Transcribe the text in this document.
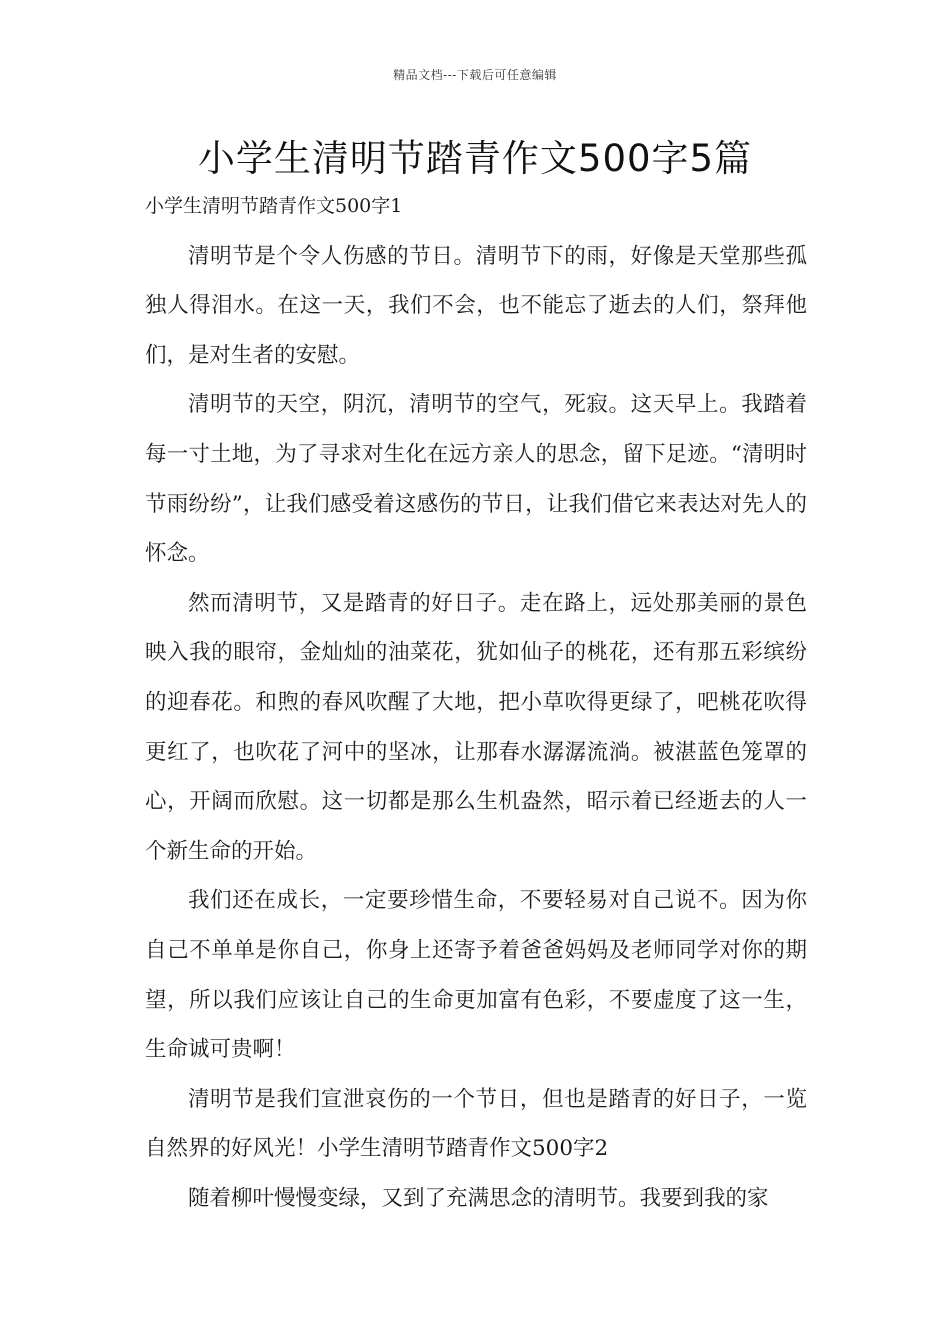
精品文档---下载后可任意编辑
小学生清明节踏青作文500字5篇

小学生清明节踏青作文500字1

清明节是个令人伤感的节日。清明节下的雨，好像是天堂那些孤独人得泪水。在这一天，我们不会，也不能忘了逝去的人们，祭拜他们，是对生者的安慰。

清明节的天空，阴沉，清明节的空气，死寂。这天早上。我踏着每一寸土地，为了寻求对生化在远方亲人的思念，留下足迹。“清明时节雨纷纷”，让我们感受着这感伤的节日，让我们借它来表达对先人的怀念。

然而清明节，又是踏青的好日子。走在路上，远处那美丽的景色映入我的眼帘，金灿灿的油菜花，犹如仙子的桃花，还有那五彩缤纷的迎春花。和煦的春风吹醒了大地，把小草吹得更绿了，吧桃花吹得更红了，也吹花了河中的坚冰，让那春水潺潺流淌。被湛蓝色笼罩的心，开阔而欣慰。这一切都是那么生机盎然，昭示着已经逝去的人一个新生命的开始。

我们还在成长，一定要珍惜生命，不要轻易对自己说不。因为你自己不单单是你自己，你身上还寄予着爸爸妈妈及老师同学对你的期望，所以我们应该让自己的生命更加富有色彩，不要虚度了这一生，生命诚可贵啊！

清明节是我们宣泄哀伤的一个节日，但也是踏青的好日子，一览自然界的好风光！小学生清明节踏青作文500字2

随着柳叶慢慢变绿，又到了充满思念的清明节。我要到我的家
